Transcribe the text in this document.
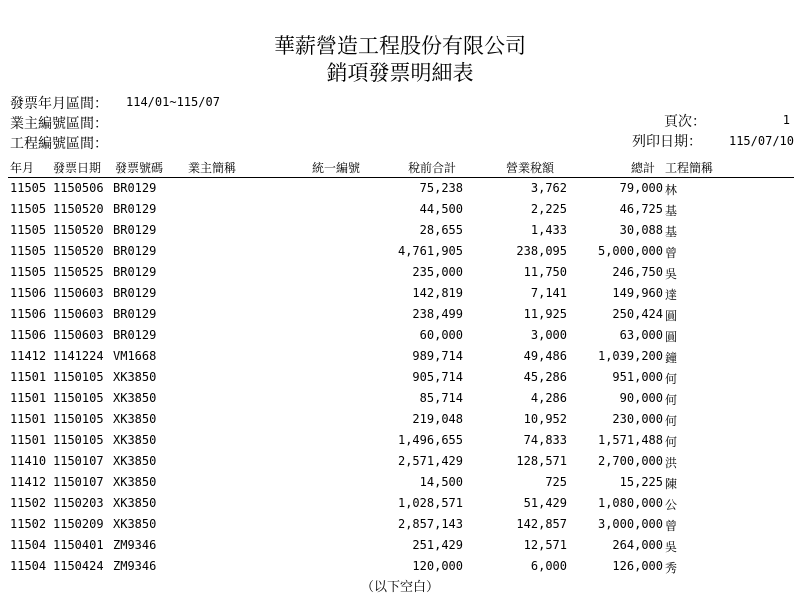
華薪營造工程股份有限公司
銷項發票明細表
發票年月區間： 114/01~115/07
業主編號區間：
工程編號區間：
頁次：	1
列印日期： 115/07/10
年月 發票日期 發票號碼 業主簡稱	統一編號	稅前合計	營業稅額	總計 工程簡稱
11505 1150506 BR0129	75,238	3,762	79,000 林
11505 1150520 BR0129	44,500	2,225	46,725 基
11505 1150520 BR0129	28,655	1,433	30,088 基
11505 1150520 BR0129	4,761,905	238,095	5,000,000 曾
11505 1150525 BR0129	235,000	11,750	246,750 吳
11506 1150603 BR0129	142,819	7,141	149,960 達
11506 1150603 BR0129	238,499	11,925	250,424 圓
11506 1150603 BR0129	60,000	3,000	63,000 圓
11412 1141224 VM1668	989,714	49,486	1,039,200 鐘
11501 1150105 XK3850	905,714	45,286	951,000 何
11501 1150105 XK3850	85,714	4,286	90,000 何
11501 1150105 XK3850	219,048	10,952	230,000 何
11501 1150105 XK3850	1,496,655	74,833	1,571,488 何
11410 1150107 XK3850	2,571,429	128,571	2,700,000 洪
11412 1150107 XK3850	14,500	725	15,225 陳
11502 1150203 XK3850	1,028,571	51,429	1,080,000 公
11502 1150209 XK3850	2,857,143	142,857	3,000,000 曾
11504 1150401 ZM9346	251,429	12,571	264,000 吳
11504 1150424 ZM9346	120,000	6,000	126,000 秀
（以下空白）
